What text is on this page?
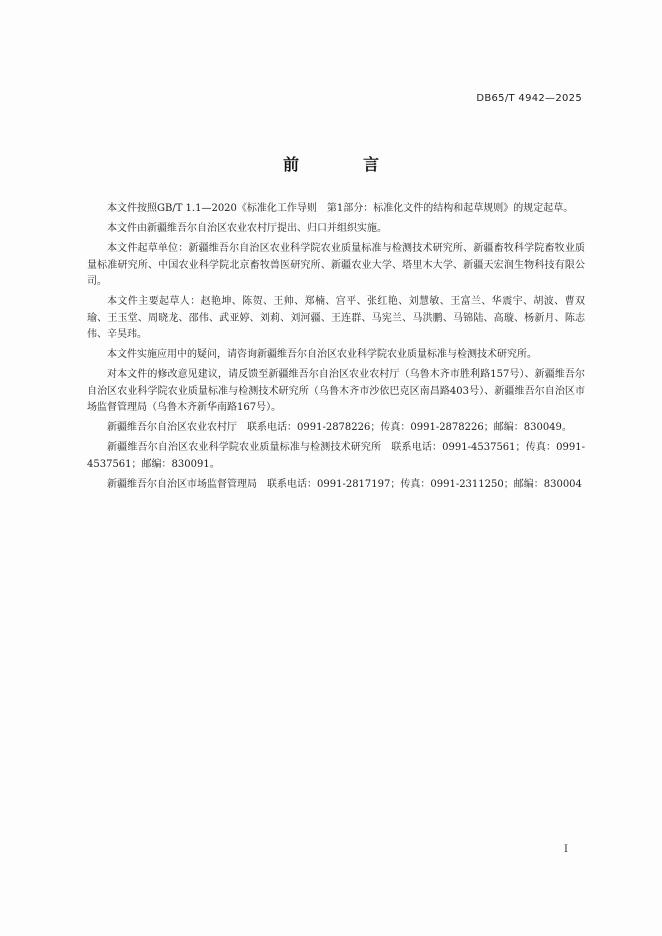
DB65/T 4942—2025
前　言

本文件按照GB/T 1.1—2020《标准化工作导则　第1部分：标准化文件的结构和起草规则》的规定起草。

本文件由新疆维吾尔自治区农业农村厅提出、归口并组织实施。

本文件起草单位：新疆维吾尔自治区农业科学院农业质量标准与检测技术研究所、新疆畜牧科学院畜牧业质量标准研究所、中国农业科学院北京畜牧兽医研究所、新疆农业大学、塔里木大学、新疆天宏润生物科技有限公司。

本文件主要起草人：赵艳坤、陈贺、王帅、郑楠、宫平、张红艳、刘慧敏、王富兰、华震宇、胡波、曹双瑜、王玉堂、周晓龙、邵伟、武亚婷、刘莉、刘河疆、王连群、马宪兰、马洪鹏、马锦陆、高璇、杨新月、陈志伟、辛昊玮。

本文件实施应用中的疑问，请咨询新疆维吾尔自治区农业科学院农业质量标准与检测技术研究所。

对本文件的修改意见建议，请反馈至新疆维吾尔自治区农业农村厅（乌鲁木齐市胜利路157号）、新疆维吾尔自治区农业科学院农业质量标准与检测技术研究所（乌鲁木齐市沙依巴克区南昌路403号）、新疆维吾尔自治区市场监督管理局（乌鲁木齐新华南路167号）。

新疆维吾尔自治区农业农村厅　联系电话：0991-2878226；传真：0991-2878226；邮编：830049。

新疆维吾尔自治区农业科学院农业质量标准与检测技术研究所　联系电话：0991-4537561；传真：0991-4537561；邮编：830091。

新疆维吾尔自治区市场监督管理局　联系电话：0991-2817197；传真：0991-2311250；邮编：830004

I
